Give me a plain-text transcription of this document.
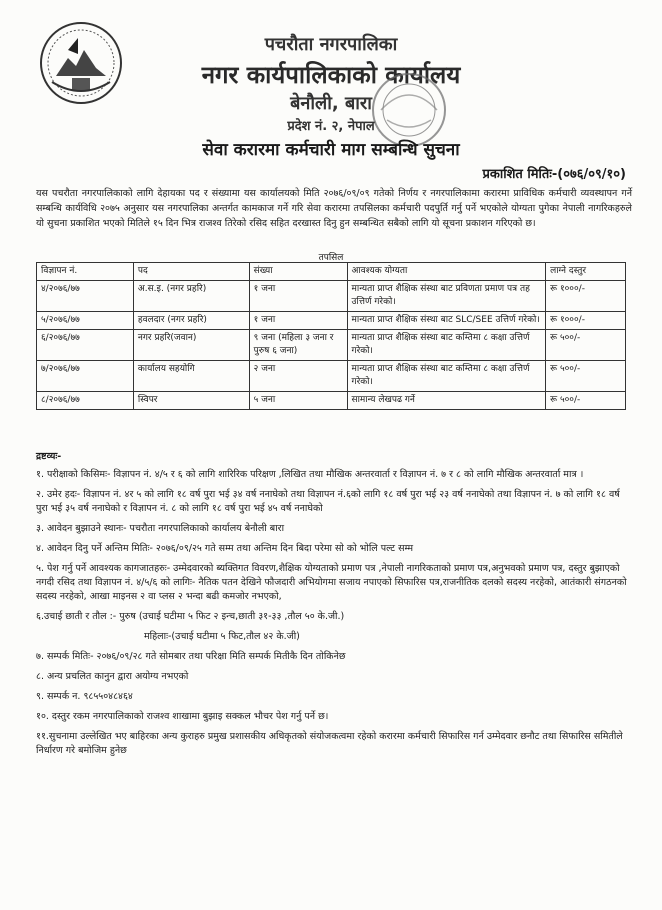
पचरौता नगरपालिका
नगर कार्यपालिकाको कार्यालय
बेनौली, बारा
प्रदेश नं. २, नेपाल
सेवा करारमा कर्मचारी माग सम्बन्धि सुचना
प्रकाशित मितिः-(०७६/०९/१०)
यस पचरौता नगरपालिकाको लागि देहायका पद र संख्यामा यस कार्यालयको मिति २०७६/०९/०९ गतेको निर्णय र नगरपालिकामा करारमा प्राविधिक कर्मचारी व्यवस्थापन गर्ने सम्बन्धि कार्यविधि २०७५ अनुसार यस नगरपालिका अन्तर्गत कामकाज गर्ने गरि सेवा करारमा तपसिलका कर्मचारी पदपुर्ति गर्नु पर्ने भएकोले योग्यता पुगेका नेपाली नागरिकहरुले यो सुचना प्रकाशित भएको मितिले १५ दिन भित्र राजश्व तिरेको रसिद सहित दरखास्त दिनु हुन सम्बन्धित सबैको लागि यो सूचना प्रकाशन गरिएको छ।
तपसिल
विज्ञापन नं.	पद	संख्या	आवश्यक योग्यता	लाग्ने दस्तुर
४/२०७६/७७	अ.स.इ. (नगर प्रहरि)	१ जना	मान्यता प्राप्त शैक्षिक संस्था बाट प्रविणता प्रमाण पत्र तह उत्तिर्ण गरेको।	रू १०००/-
५/२०७६/७७	हवलदार (नगर प्रहरि)	१ जना	मान्यता प्राप्त शैक्षिक संस्था बाट SLC/SEE उत्तिर्ण गरेको।	रू १०००/-
६/२०७६/७७	नगर प्रहरि(जवान)	९ जना (महिला ३ जना र पुरुष ६ जना)	मान्यता प्राप्त शैक्षिक संस्था बाट कम्तिमा ८ कक्षा उत्तिर्ण गरेको।	रू ५००/-
७/२०७६/७७	कार्यालय सहयोगि	२ जना	मान्यता प्राप्त शैक्षिक संस्था बाट कम्तिमा ८ कक्षा उत्तिर्ण गरेको।	रू ५००/-
८/२०७६/७७	स्विपर	५ जना	सामान्य लेखपढ गर्ने	रू ५००/-

द्रष्टव्यः-

१. परीक्षाको किसिमः- विज्ञापन नं. ४/५ र ६ को लागि शारिरिक परिक्षण ,लिखित तथा मौखिक अन्तरवार्ता र विज्ञापन नं. ७ र ८ को लागि मौखिक अन्तरवार्ता मात्र ।

२. उमेर हदः- विज्ञापन नं. ४र ५ को लागि १८ वर्ष पुरा भई ३४ वर्ष ननाघेको तथा विज्ञापन नं.६को लागि १८ वर्ष पुरा भई २३ वर्ष ननाघेको तथा विज्ञापन नं. ७ को लागि १८ वर्ष पुरा भई ३५ वर्ष ननाघेको र विज्ञापन नं. ८ को लागि १८ वर्ष पुरा भई ४५ वर्ष ननाघेको

३. आवेदन बुझाउने स्थानः- पचरौता नगरपालिकाको कार्यालय बेनौली बारा

४. आवेदन दिनु पर्ने अन्तिम मितिः- २०७६/०९/२५ गते सम्म तथा अन्तिम दिन बिदा परेमा सो को भोलि पल्ट सम्म

५. पेश गर्नु पर्ने आवश्यक कागजातहरुः- उम्मेदवारको ब्यक्तिगत विवरण,शैक्षिक योग्यताको प्रमाण पत्र ,नेपाली नागरिकताको प्रमाण पत्र,अनुभवको प्रमाण पत्र, दस्तुर बुझाएको नगदी रसिद तथा विज्ञापन नं. ४/५/६ को लागिः- नैतिक पतन देखिने फौजदारी अभियोगमा सजाय नपाएको सिफारिस पत्र,राजनीतिक दलको सदस्य नरहेको, आतंकारी संगठनको सदस्य नरहेको, आखा माइनस २ वा प्लस २ भन्दा बढी कमजोर नभएको,

६.उचाई छाती र तौल :- पुरुष (उचाई घटीमा ५ फिट २ इन्च,छाती ३१-३३ ,तौल ५० के.जी.)

महिलाः-(उचाई घटीमा ५ फिट,तौल ४२ के.जी)

७. सम्पर्क मितिः- २०७६/०९/२८ गते सोमबार तथा परिक्षा मिति सम्पर्क मितीकै दिन तोकिनेछ

८. अन्य प्रचलित कानुन द्वारा अयोग्य नभएको

९. सम्पर्क न. ९८५५०४८४६४

१०. दस्तुर रकम नगरपालिकाको राजश्व शाखामा बुझाइ सक्कल भौचर पेश गर्नु पर्ने छ।

११.सुचनामा उल्लेखित भए बाहिरका अन्य कुराहरु प्रमुख प्रशासकीय अधिकृतको संयोजकत्वमा रहेको करारमा कर्मचारी सिफारिस गर्न उम्मेदवार छनौट तथा सिफारिस समितीले निर्धारण गरे बमोजिम हुनेछ
